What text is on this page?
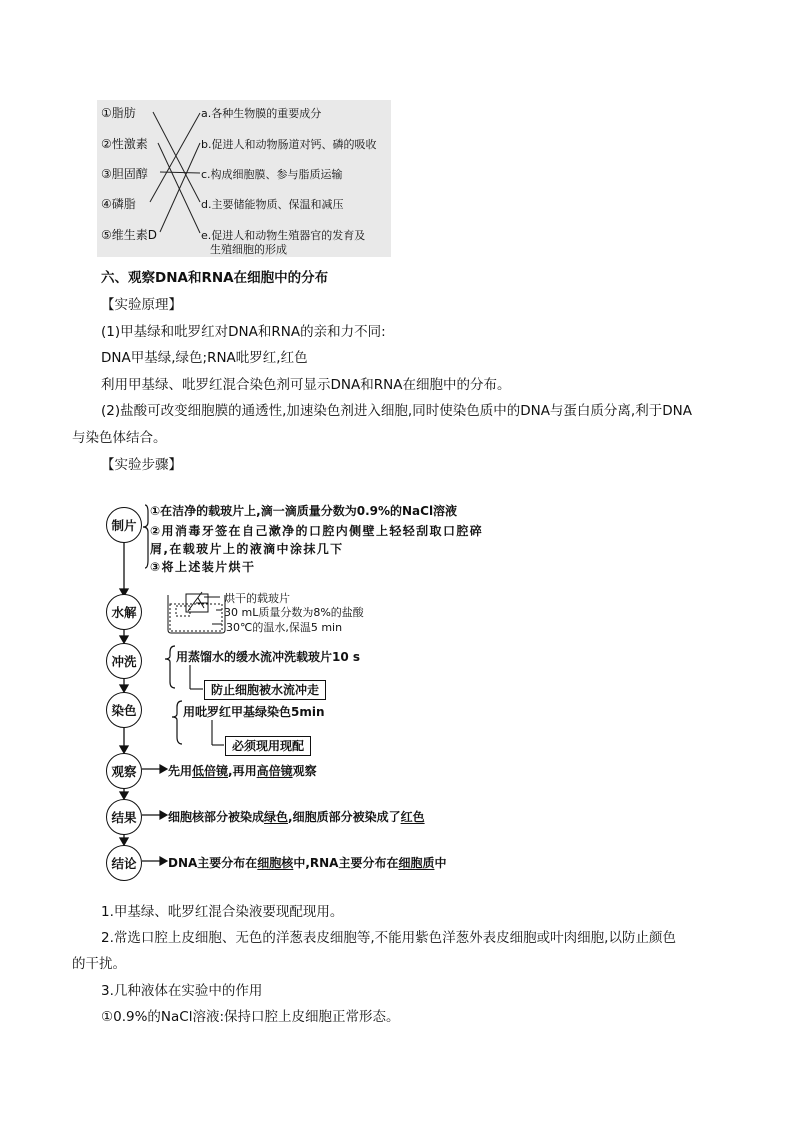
①脂肪
②性激素
③胆固醇
④磷脂
⑤维生素D
a.各种生物膜的重要成分
b.促进人和动物肠道对钙、磷的吸收
c.构成细胞膜、参与脂质运输
d.主要储能物质、保温和减压
e.促进人和动物生殖器官的发育及
生殖细胞的形成
六、观察DNA和RNA在细胞中的分布
【实验原理】
(1)甲基绿和吡罗红对DNA和RNA的亲和力不同:
DNA甲基绿,绿色;RNA吡罗红,红色
利用甲基绿、吡罗红混合染色剂可显示DNA和RNA在细胞中的分布。
(2)盐酸可改变细胞膜的通透性,加速染色剂进入细胞,同时使染色质中的DNA与蛋白质分离,利于DNA
与染色体结合。
【实验步骤】
制片
水解
冲洗
染色
观察
结果
结论
①在洁净的载玻片上,滴一滴质量分数为0.9%的NaCl溶液
②用消毒牙签在自己漱净的口腔内侧壁上轻轻刮取口腔碎
屑,在载玻片上的液滴中涂抹几下
③将上述装片烘干
烘干的载玻片
30 mL质量分数为8%的盐酸
30℃的温水,保温5 min
用蒸馏水的缓水流冲洗载玻片10 s
防止细胞被水流冲走
用吡罗红甲基绿染色5min
必须现用现配
先用低倍镜,再用高倍镜观察
细胞核部分被染成绿色,细胞质部分被染成了红色
DNA主要分布在细胞核中,RNA主要分布在细胞质中
1.甲基绿、吡罗红混合染液要现配现用。
2.常选口腔上皮细胞、无色的洋葱表皮细胞等,不能用紫色洋葱外表皮细胞或叶肉细胞,以防止颜色
的干扰。
3.几种液体在实验中的作用
①0.9%的NaCl溶液:保持口腔上皮细胞正常形态。
